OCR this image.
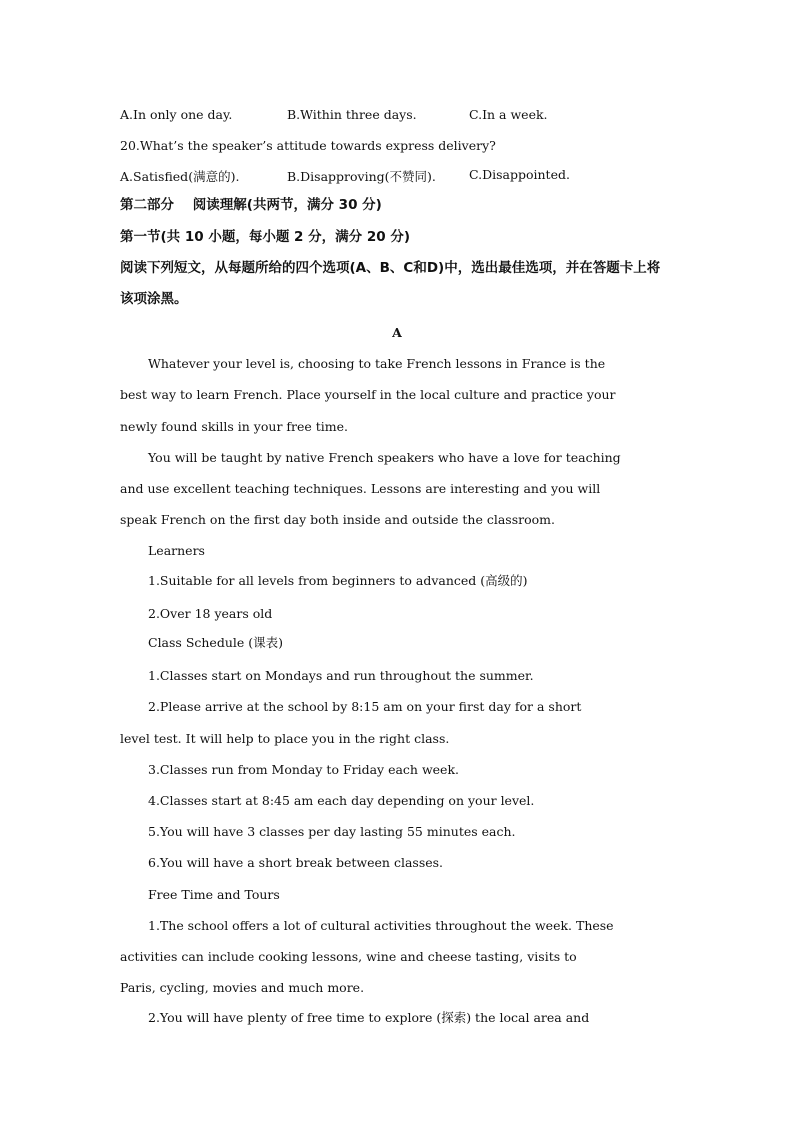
A.In only one day.	B.Within three days.	C.In a week.
20.What’s the speaker’s attitude towards express delivery?
A.Satisfied(满意的).	B.Disapproving(不赞同).	C.Disappointed.
第二部分    阅读理解(共两节，满分 30 分)
第一节(共 10 小题，每小题 2 分，满分 20 分)
阅读下列短文，从每题所给的四个选项(A、B、C和D)中，选出最佳选项，并在答题卡上将
该项涂黑。
A
Whatever your level is, choosing to take French lessons in France is the
best way to learn French. Place yourself in the local culture and practice your
newly found skills in your free time.
You will be taught by native French speakers who have a love for teaching
and use excellent teaching techniques. Lessons are interesting and you will
speak French on the first day both inside and outside the classroom.
Learners
1.Suitable for all levels from beginners to advanced (高级的)
2.Over 18 years old
Class Schedule (课表)
1.Classes start on Mondays and run throughout the summer.
2.Please arrive at the school by 8:15 am on your first day for a short
level test. It will help to place you in the right class.
3.Classes run from Monday to Friday each week.
4.Classes start at 8:45 am each day depending on your level.
5.You will have 3 classes per day lasting 55 minutes each.
6.You will have a short break between classes.
Free Time and Tours
1.The school offers a lot of cultural activities throughout the week. These
activities can include cooking lessons, wine and cheese tasting, visits to
Paris, cycling, movies and much more.
2.You will have plenty of free time to explore (探索) the local area and
